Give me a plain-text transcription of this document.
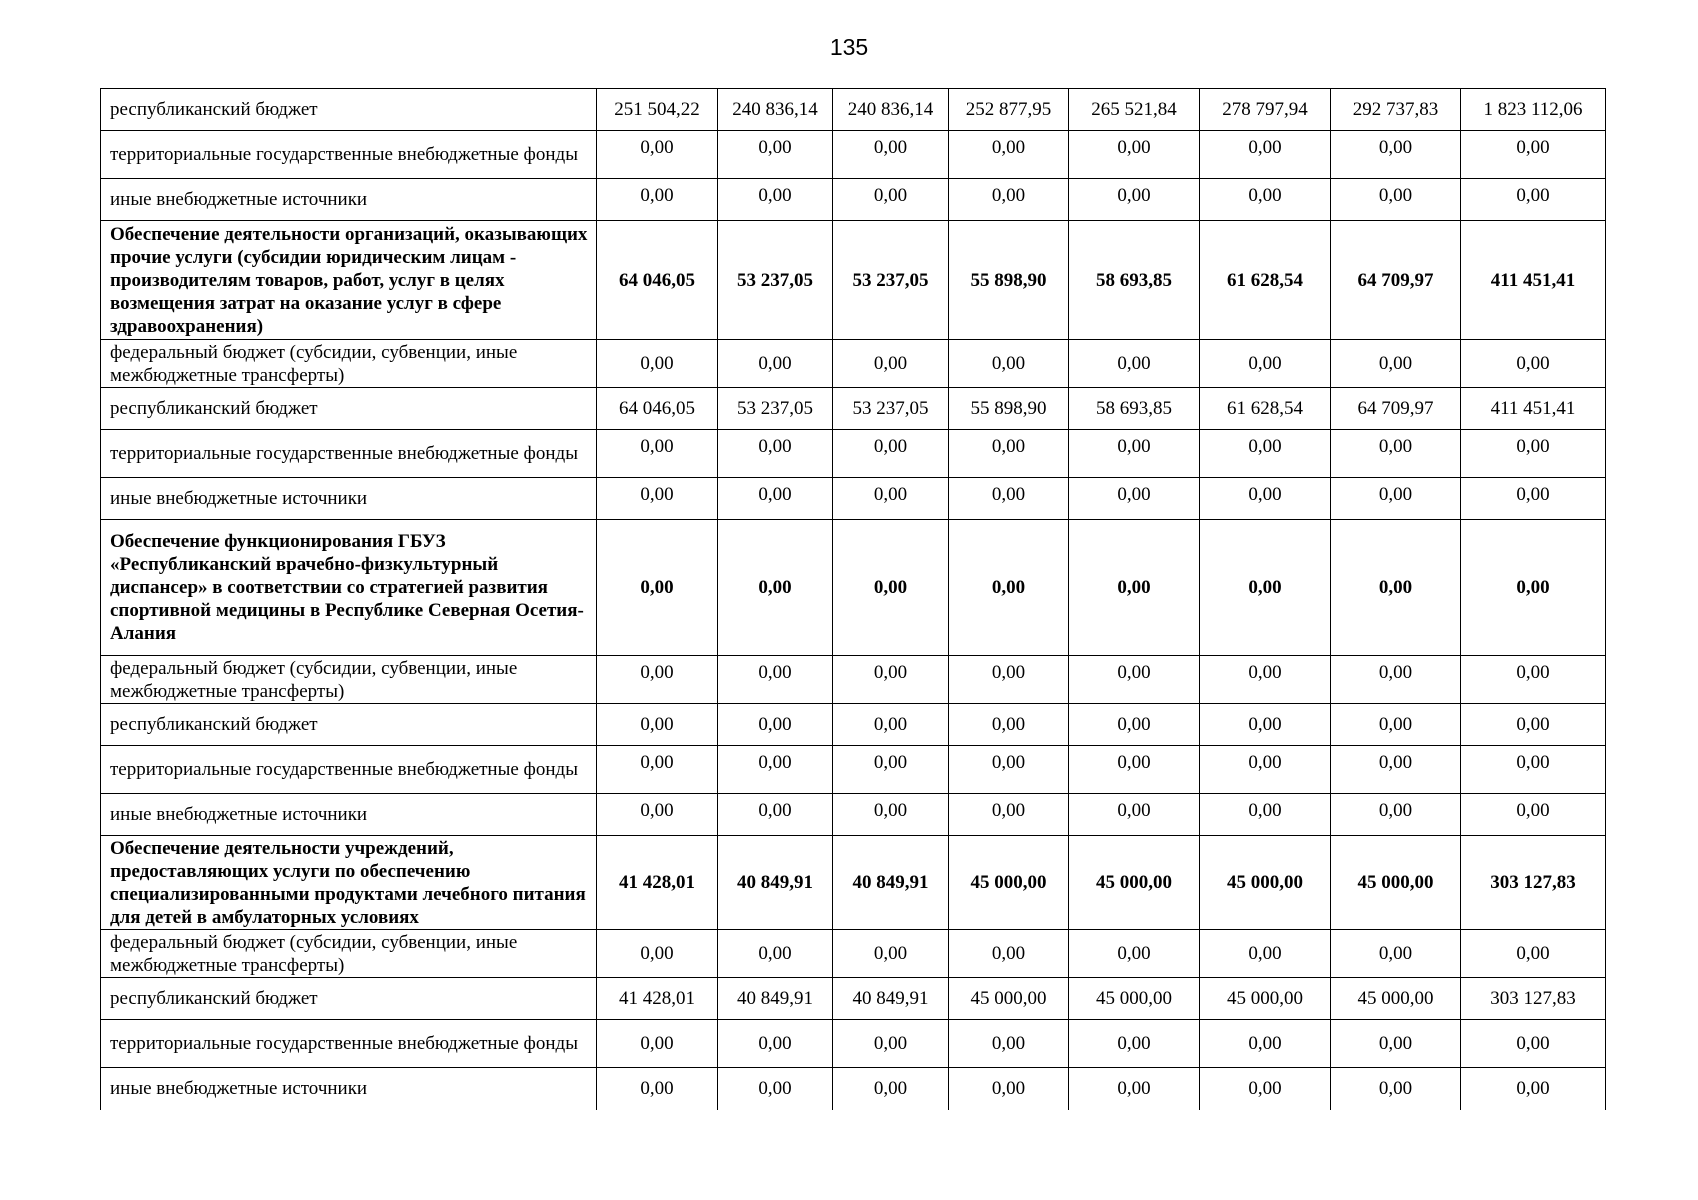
135
республиканский бюджет	251 504,22	240 836,14	240 836,14	252 877,95	265 521,84	278 797,94	292 737,83	1 823 112,06
территориальные государственные внебюджетные фонды	0,00	0,00	0,00	0,00	0,00	0,00	0,00	0,00
иные внебюджетные источники	0,00	0,00	0,00	0,00	0,00	0,00	0,00	0,00
Обеспечение деятельности организаций, оказывающих прочие услуги (субсидии юридическим лицам - производителям товаров, работ, услуг в целях возмещения затрат на оказание услуг в сфере здравоохранения)	64 046,05	53 237,05	53 237,05	55 898,90	58 693,85	61 628,54	64 709,97	411 451,41
федеральный бюджет (субсидии, субвенции, иные межбюджетные трансферты)	0,00	0,00	0,00	0,00	0,00	0,00	0,00	0,00
республиканский бюджет	64 046,05	53 237,05	53 237,05	55 898,90	58 693,85	61 628,54	64 709,97	411 451,41
территориальные государственные внебюджетные фонды	0,00	0,00	0,00	0,00	0,00	0,00	0,00	0,00
иные внебюджетные источники	0,00	0,00	0,00	0,00	0,00	0,00	0,00	0,00
Обеспечение функционирования ГБУЗ «Республиканский врачебно-физкультурный диспансер» в соответствии со стратегией развития спортивной медицины в Республике Северная Осетия-Алания	0,00	0,00	0,00	0,00	0,00	0,00	0,00	0,00
федеральный бюджет (субсидии, субвенции, иные межбюджетные трансферты)	0,00	0,00	0,00	0,00	0,00	0,00	0,00	0,00
республиканский бюджет	0,00	0,00	0,00	0,00	0,00	0,00	0,00	0,00
территориальные государственные внебюджетные фонды	0,00	0,00	0,00	0,00	0,00	0,00	0,00	0,00
иные внебюджетные источники	0,00	0,00	0,00	0,00	0,00	0,00	0,00	0,00
Обеспечение деятельности учреждений, предоставляющих услуги по обеспечению специализированными продуктами лечебного питания для детей в амбулаторных условиях	41 428,01	40 849,91	40 849,91	45 000,00	45 000,00	45 000,00	45 000,00	303 127,83
федеральный бюджет (субсидии, субвенции, иные межбюджетные трансферты)	0,00	0,00	0,00	0,00	0,00	0,00	0,00	0,00
республиканский бюджет	41 428,01	40 849,91	40 849,91	45 000,00	45 000,00	45 000,00	45 000,00	303 127,83
территориальные государственные внебюджетные фонды	0,00	0,00	0,00	0,00	0,00	0,00	0,00	0,00
иные внебюджетные источники	0,00	0,00	0,00	0,00	0,00	0,00	0,00	0,00
